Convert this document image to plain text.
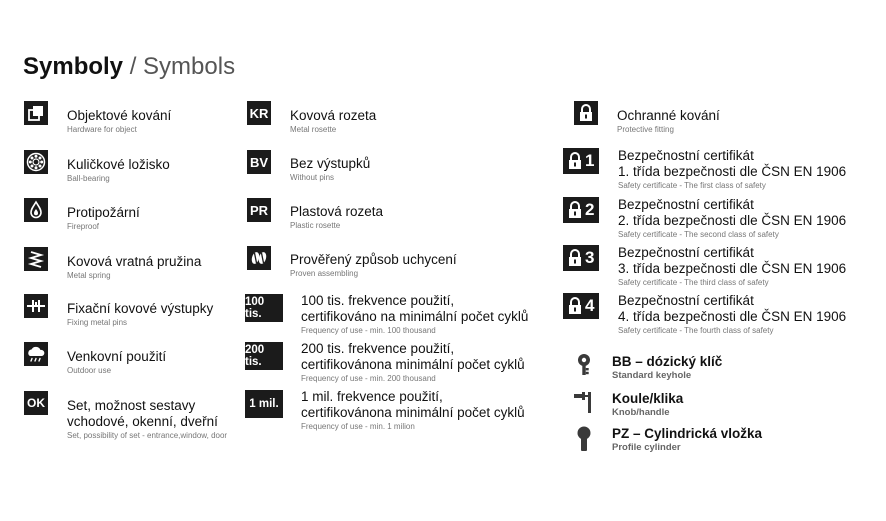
Symboly / Symbols
Objektové kování
Hardware for object
Kuličkové ložisko
Ball-bearing
Protipožární
Fireproof
Kovová vratná pružina
Metal spring
Fixační kovové výstupky
Fixing metal pins
Venkovní použití
Outdoor use
OK Set, možnost sestavy
vchodové, okenní, dveřní
Set, possibility of set - entrance,window, door
KR Kovová rozeta
Metal rosette
BV Bez výstupků
Without pins
PR Plastová rozeta
Plastic rosette
Prověřený způsob uchycení
Proven assembling
100 tis.
100 tis. frekvence použití,
certifikováno na minimální počet cyklů
Frequency of use - min. 100 thousand
200 tis.
200 tis. frekvence použití,
certifikovánona minimální počet cyklů
Frequency of use - min. 200 thousand
1 mil.	1 mil. frekvence použití,
certifikovánona minimální počet cyklů
Frequency of use - min. 1 milion
Ochranné kování
Protective fitting
1 Bezpečnostní certifikát
1. třída bezpečnosti dle ČSN EN 1906
Safety certificate - The first class of safety
2 Bezpečnostní certifikát
2. třída bezpečnosti dle ČSN EN 1906
Safety certificate - The second class of safety
3 Bezpečnostní certifikát
3. třída bezpečnosti dle ČSN EN 1906
Safety certificate - The third class of safety
4 Bezpečnostní certifikát
4. třída bezpečnosti dle ČSN EN 1906
Safety certificate - The fourth class of safety
BB – dózický klíč
Standard keyhole
Koule/klika
Knob/handle
PZ – Cylindrická vložka
Profile cylinder
